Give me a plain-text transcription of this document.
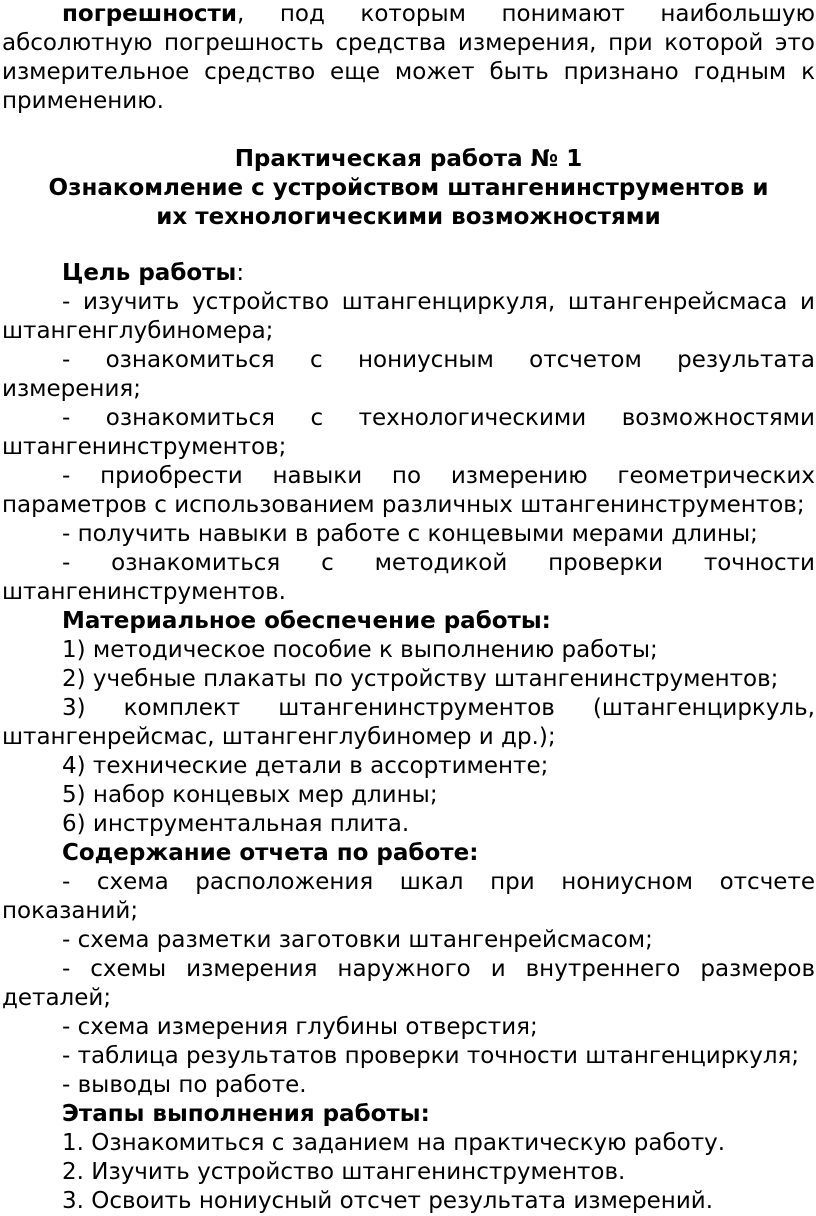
погрешности, под которым понимают наибольшую абсолютную погрешность средства измерения, при которой это измерительное средство еще может быть признано годным к применению.

Практическая работа № 1

Ознакомление с устройством штангенинструментов и

их технологическими возможностями

Цель работы:

- изучить устройство штангенциркуля, штангенрейсмаса и штангенглубиномера;

- ознакомиться с нониусным отсчетом результата измерения;

- ознакомиться с технологическими возможностями штангенинструментов;

- приобрести навыки по измерению геометрических параметров с использованием различных штангенинструментов;

- получить навыки в работе с концевыми мерами длины;

- ознакомиться с методикой проверки точности штангенинструментов.

Материальное обеспечение работы:

1) методическое пособие к выполнению работы;

2) учебные плакаты по устройству штангенинструментов;

3) комплект штангенинструментов (штангенциркуль, штангенрейсмас, штангенглубиномер и др.);

4) технические детали в ассортименте;

5) набор концевых мер длины;

6) инструментальная плита.

Содержание отчета по работе:

- схема расположения шкал при нониусном отсчете показаний;

- схема разметки заготовки штангенрейсмасом;

- схемы измерения наружного и внутреннего размеров деталей;

- схема измерения глубины отверстия;

- таблица результатов проверки точности штангенциркуля;

- выводы по работе.

Этапы выполнения работы:

1. Ознакомиться с заданием на практическую работу.

2. Изучить устройство штангенинструментов.

3. Освоить нониусный отсчет результата измерений.
